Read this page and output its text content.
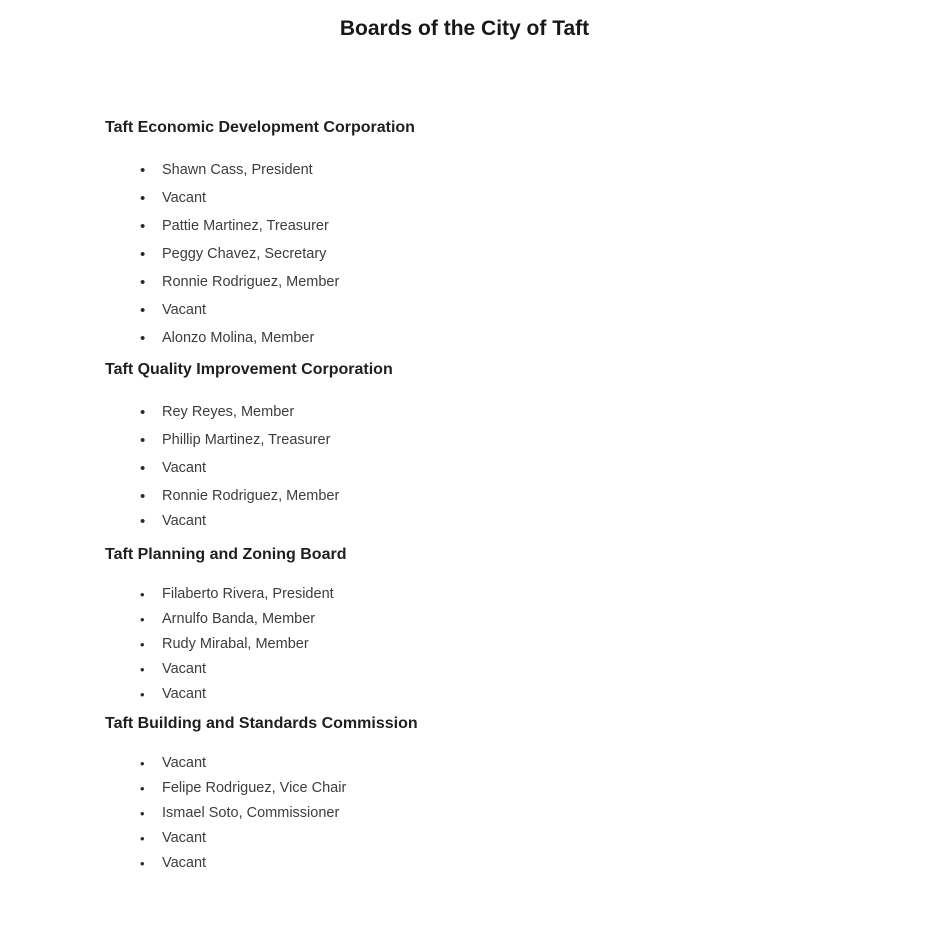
Boards of the City of Taft
Taft Economic Development Corporation
• Shawn Cass, President
• Vacant
• Pattie Martinez, Treasurer
• Peggy Chavez, Secretary
• Ronnie Rodriguez, Member
• Vacant
• Alonzo Molina, Member
Taft Quality Improvement Corporation
• Rey Reyes, Member
• Phillip Martinez, Treasurer
• Vacant
• Ronnie Rodriguez, Member
• Vacant
Taft Planning and Zoning Board
• Filaberto Rivera, President
• Arnulfo Banda, Member
• Rudy Mirabal, Member
• Vacant
• Vacant
Taft Building and Standards Commission
• Vacant
• Felipe Rodriguez, Vice Chair
• Ismael Soto, Commissioner
• Vacant
• Vacant
